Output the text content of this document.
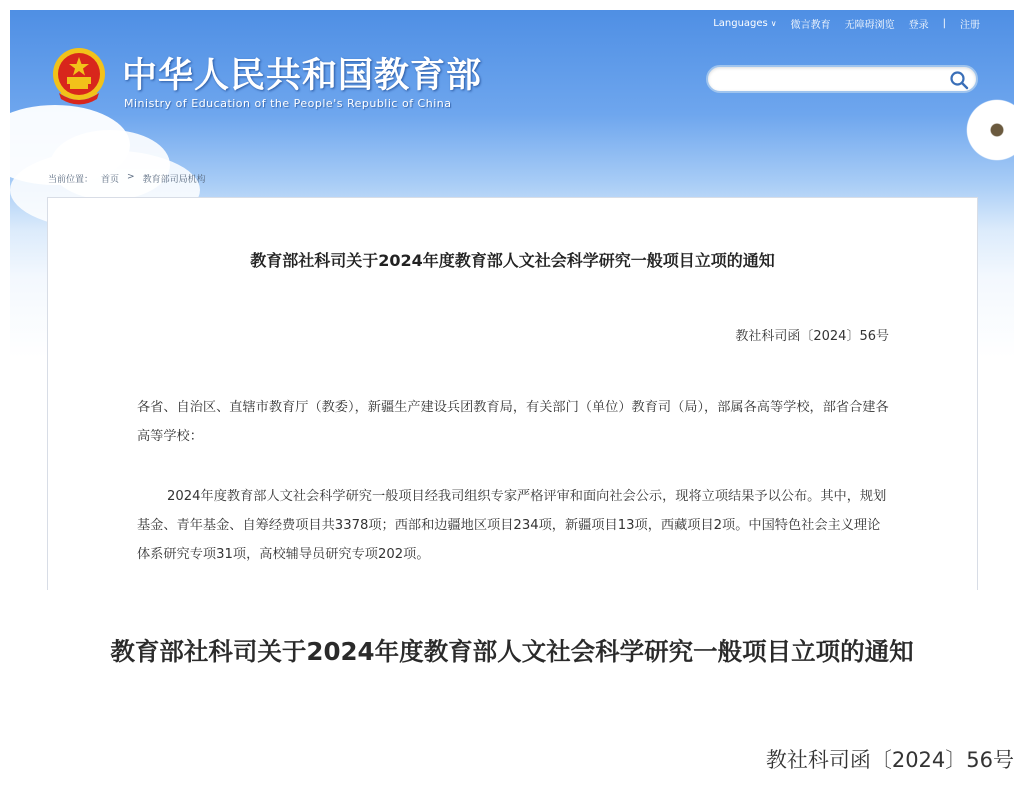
Languages ∨ 微言教育 无障碍浏览 登录 | 注册
中华人民共和国教育部
Ministry of Education of the People's Republic of China
当前位置： 首页 > 教育部司局机构
教育部社科司关于2024年度教育部人文社会科学研究一般项目立项的通知
教社科司函〔2024〕56号
各省、自治区、直辖市教育厅（教委），新疆生产建设兵团教育局，有关部门（单位）教育司（局），部属各高等学校，部省合建各高等学校：
2024年度教育部人文社会科学研究一般项目经我司组织专家严格评审和面向社会公示，现将立项结果予以公布。其中，规划基金、青年基金、自筹经费项目共3378项；西部和边疆地区项目234项，新疆项目13项，西藏项目2项。中国特色社会主义理论体系研究专项31项，高校辅导员研究专项202项。
教育部社科司关于2024年度教育部人文社会科学研究一般项目立项的通知
教社科司函〔2024〕56号
